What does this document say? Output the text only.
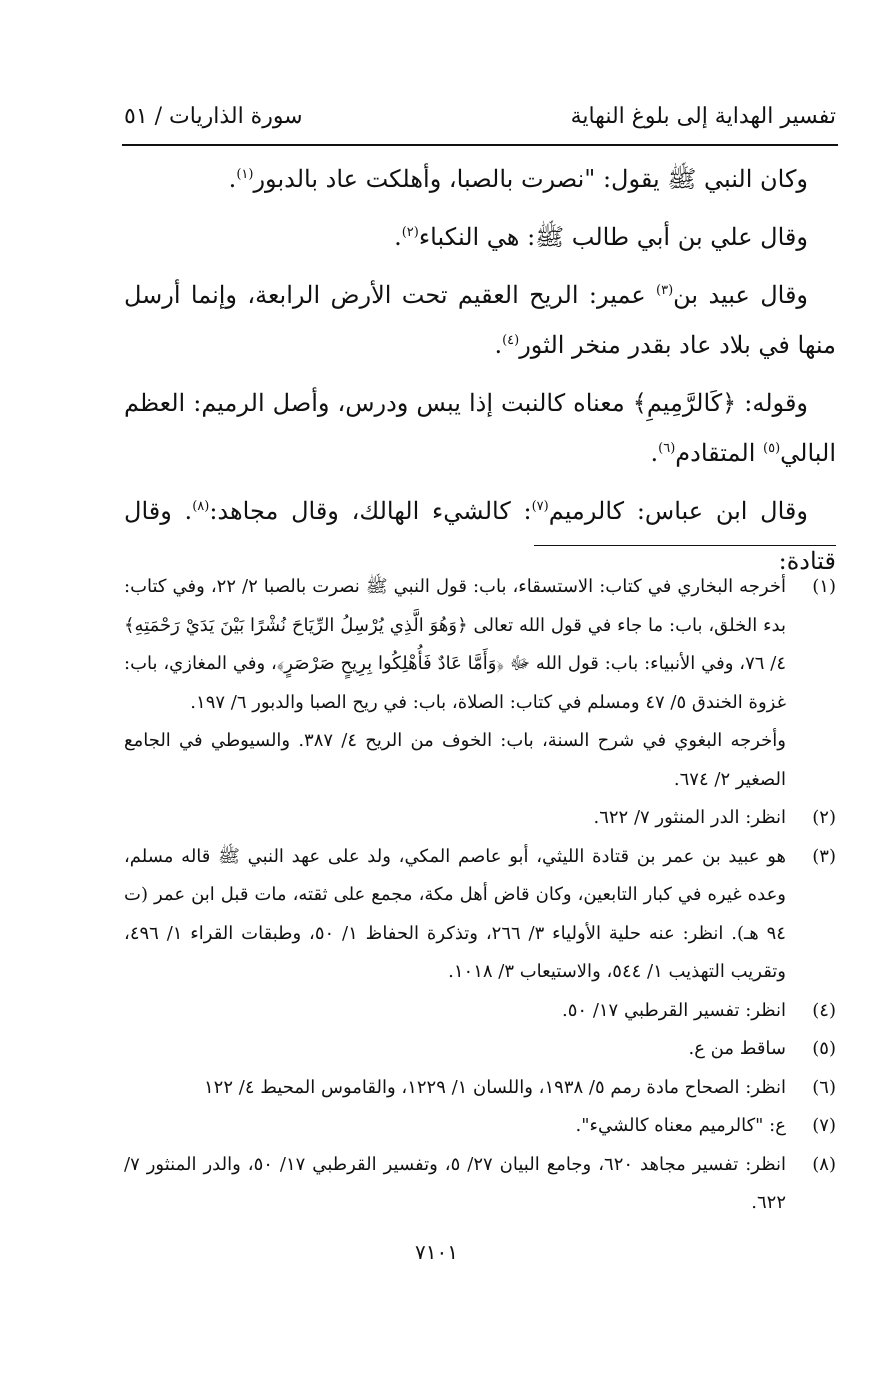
تفسير الهداية إلى بلوغ النهاية
سورة الذاريات / ٥١

وكان النبي ﷺ يقول: "نصرت بالصبا، وأهلكت عاد بالدبور$^{(١)}$.

وقال علي بن أبي طالب ﷺ: هي النكباء$^{(٢)}$.

وقال عبيد بن$^{(٣)}$ عمير: الريح العقيم تحت الأرض الرابعة، وإنما أرسل منها في بلاد عاد بقدر منخر الثور$^{(٤)}$.

وقوله: ﴿كَالرَّمِيمِ﴾ معناه كالنبت إذا يبس ودرس، وأصل الرميم: العظم البالي$^{(٥)}$ المتقادم$^{(٦)}$.

وقال ابن عباس: كالرميم$^{(٧)}$: كالشيء الهالك، وقال مجاهد:$^{(٨)}$. وقال قتادة:

(١)
أخرجه البخاري في كتاب: الاستسقاء، باب: قول النبي ﷺ نصرت بالصبا ٢/ ٢٢، وفي كتاب: بدء الخلق، باب: ما جاء في قول الله تعالى ﴿وَهُوَ الَّذِي يُرْسِلُ الرِّيَاحَ نُشْرًا بَيْنَ يَدَيْ رَحْمَتِهِ﴾ ٤/ ٧٦، وفي الأنبياء: باب: قول الله ﷻ ﴿وَأَمَّا عَادٌ فَأُهْلِكُوا بِرِيحٍ صَرْصَرٍ﴾، وفي المغازي، باب: غزوة الخندق ٥/ ٤٧ ومسلم في كتاب: الصلاة، باب: في ريح الصبا والدبور ٦/ ١٩٧.
وأخرجه البغوي في شرح السنة، باب: الخوف من الريح ٤/ ٣٨٧. والسيوطي في الجامع الصغير ٢/ ٦٧٤.
(٢)
انظر: الدر المنثور ٧/ ٦٢٢.
(٣)
هو عبيد بن عمر بن قتادة الليثي، أبو عاصم المكي، ولد على عهد النبي ﷺ قاله مسلم، وعده غيره في كبار التابعين، وكان قاض أهل مكة، مجمع على ثقته، مات قبل ابن عمر (ت ٩٤ هـ). انظر: عنه حلية الأولياء ٣/ ٢٦٦، وتذكرة الحفاظ ١/ ٥٠، وطبقات القراء ١/ ٤٩٦، وتقريب التهذيب ١/ ٥٤٤، والاستيعاب ٣/ ١٠١٨.
(٤)
انظر: تفسير القرطبي ١٧/ ٥٠.
(٥)
ساقط من ع.
(٦)
انظر: الصحاح مادة رمم ٥/ ١٩٣٨، واللسان ١/ ١٢٢٩، والقاموس المحيط ٤/ ١٢٢
(٧)
ع: "كالرميم معناه كالشيء".
(٨)
انظر: تفسير مجاهد ٦٢٠، وجامع البيان ٢٧/ ٥، وتفسير القرطبي ١٧/ ٥٠، والدر المنثور ٧/ ٦٢٢.
٧١٠١
